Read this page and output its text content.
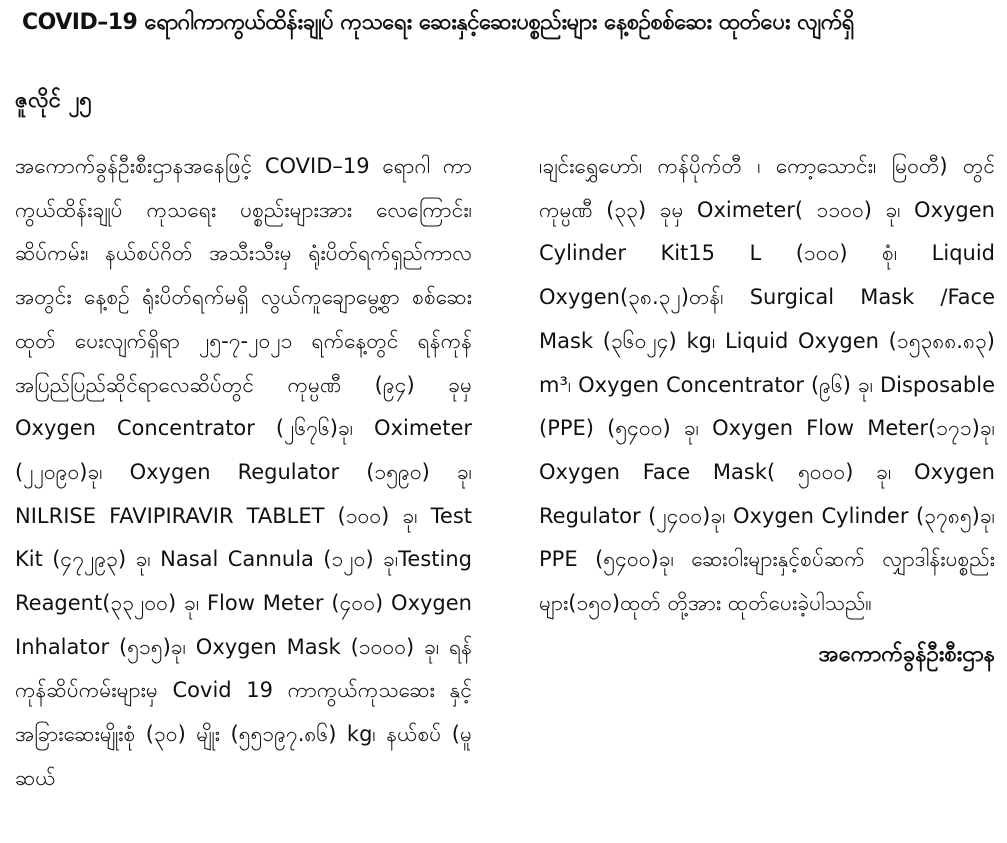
COVID–19 ရောဂါကာကွယ်ထိန်းချုပ် ကုသရေး ဆေးနှင့်ဆေးပစ္စည်းများ နေ့စဉ်စစ်ဆေး ထုတ်ပေး လျက်ရှိ
ဇူလိုင် ၂၅
အကောက်ခွန်ဦးစီးဌာနအနေဖြင့် COVID–19 ရောဂါ ကာကွယ်ထိန်းချုပ် ကုသရေး ပစ္စည်းများအား လေကြောင်း၊ ဆိပ်ကမ်း၊ နယ်စပ်ဂိတ် အသီးသီးမှ ရုံးပိတ်ရက်ရှည်ကာလအတွင်း နေ့စဉ် ရုံးပိတ်ရက်မရှိ လွယ်ကူချောမွေ့စွာ စစ်ဆေးထုတ် ပေးလျက်ရှိရာ ၂၅-၇-၂၀၂၁ ရက်နေ့တွင် ရန်ကုန်အပြည်ပြည်ဆိုင်ရာလေဆိပ်တွင် ကုမ္ပဏီ (၉၄) ခုမှ Oxygen Concentrator (၂၆၇၆)ခု၊ Oximeter (၂၂၀၉၀)ခု၊ Oxygen Regulator (၁၅၉၀) ခု၊ NILRISE FAVIPIRAVIR TABLET (၁၀၀) ခု၊ Test Kit (၄၇၂၉၃) ခု၊ Nasal Cannula (၁၂၀) ခု၊Testing Reagent(၃၃၂၀၀) ခု၊ Flow Meter (၄၀၀) Oxygen Inhalator (၅၁၅)ခု၊ Oxygen Mask (၁၀၀၀) ခု၊ ရန်ကုန်ဆိပ်ကမ်းများမှ Covid 19 ကာကွယ်ကုသဆေး နှင့် အခြားဆေးမျိုးစုံ (၃၀) မျိုး (၅၅၁၉၇.၈၆) kg၊ နယ်စပ် (မူဆယ်
၊ချင်းရွှေဟော်၊ ကန်ပိုက်တီ ၊ ကော့သောင်း၊ မြဝတီ) တွင်ကုမ္ပဏီ (၃၃) ခုမှ Oximeter( ၁၁၀၀) ခု၊ Oxygen Cylinder Kit15 L (၁၀၀) စုံ၊ Liquid Oxygen(၃၈.၃၂)တန်၊ Surgical Mask /Face Mask (၃၆၀၂၄) kg၊ Liquid Oxygen (၁၅၃၈၈.၈၃) m³၊ Oxygen Concentrator (၉၆) ခု၊ Disposable (PPE) (၅၄၀၀) ခု၊ Oxygen Flow Meter(၁၇၁)ခု၊ Oxygen Face Mask( ၅၀၀၀) ခု၊ Oxygen Regulator (၂၄၀၀)ခု၊ Oxygen Cylinder (၃၇၈၅)ခု၊ PPE (၅၄၀၀)ခု၊ ဆေးဝါးများနှင့်စပ်ဆက် လျှာဒါန်းပစ္စည်းများ(၁၅၀)ထုတ် တို့အား ထုတ်ပေးခဲ့ပါသည်။
အကောက်ခွန်ဦးစီးဌာန
